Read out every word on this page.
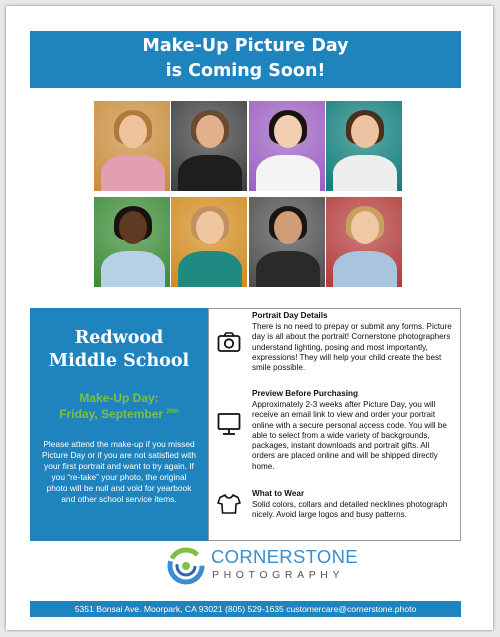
Make-Up Picture Day
is Coming Soon!
Redwood
Middle School
Make-Up Day:
Friday, September $^{29th}$
Please attend the make-up if you missed Picture Day or if you are not satisfied with your first portrait and want to try again. If you “re-take” your photo, the original photo will be null and void for yearbook and other school service items.
Portrait Day Details
There is no need to prepay or submit any forms. Picture day is all about the portrait! Cornerstone photographers understand lighting, posing and most importantly, expressions! They will help your child create the best smile possible.
Preview Before Purchasing
Approximately 2-3 weeks after Picture Day, you will receive an email link to view and order your portrait online with a secure personal access code. You will be able to select from a wide variety of backgrounds, packages, instant downloads and portrait gifts. All orders are placed online and will be shipped directly home.
What to Wear
Solid colors, collars and detailed necklines photograph nicely. Avoid large logos and busy patterns.
CORNERSTONE
PHOTOGRAPHY
5351 Bonsai Ave. Moorpark, CA 93021 (805) 529-1635 customercare@cornerstone.photo
